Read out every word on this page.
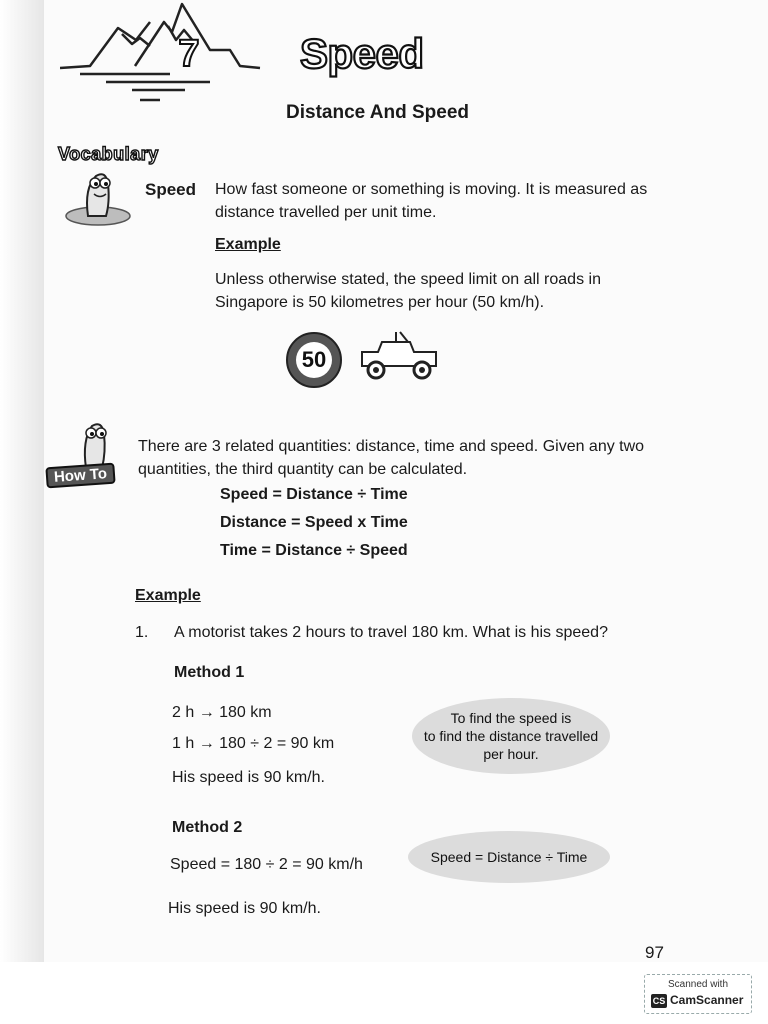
7 Speed
Distance And Speed
Vocabulary
Speed How fast someone or something is moving. It is measured as
distance travelled per unit time.
Example
Unless otherwise stated, the speed limit on all roads in
Singapore is 50 kilometres per hour (50 km/h).
50
How To
There are 3 related quantities: distance, time and speed. Given any two
quantities, the third quantity can be calculated.
Speed = Distance ÷ Time
Distance = Speed x Time
Time = Distance ÷ Speed
Example
1. A motorist takes 2 hours to travel 180 km. What is his speed?
Method 1
2 h → 180 km
1 h → 180 ÷ 2 = 90 km
His speed is 90 km/h.
To find the speed is
to find the distance travelled
per hour.
Method 2
Speed = 180 ÷ 2 = 90 km/h
His speed is 90 km/h.
Speed = Distance ÷ Time
97
Scanned with
CS CamScanner
